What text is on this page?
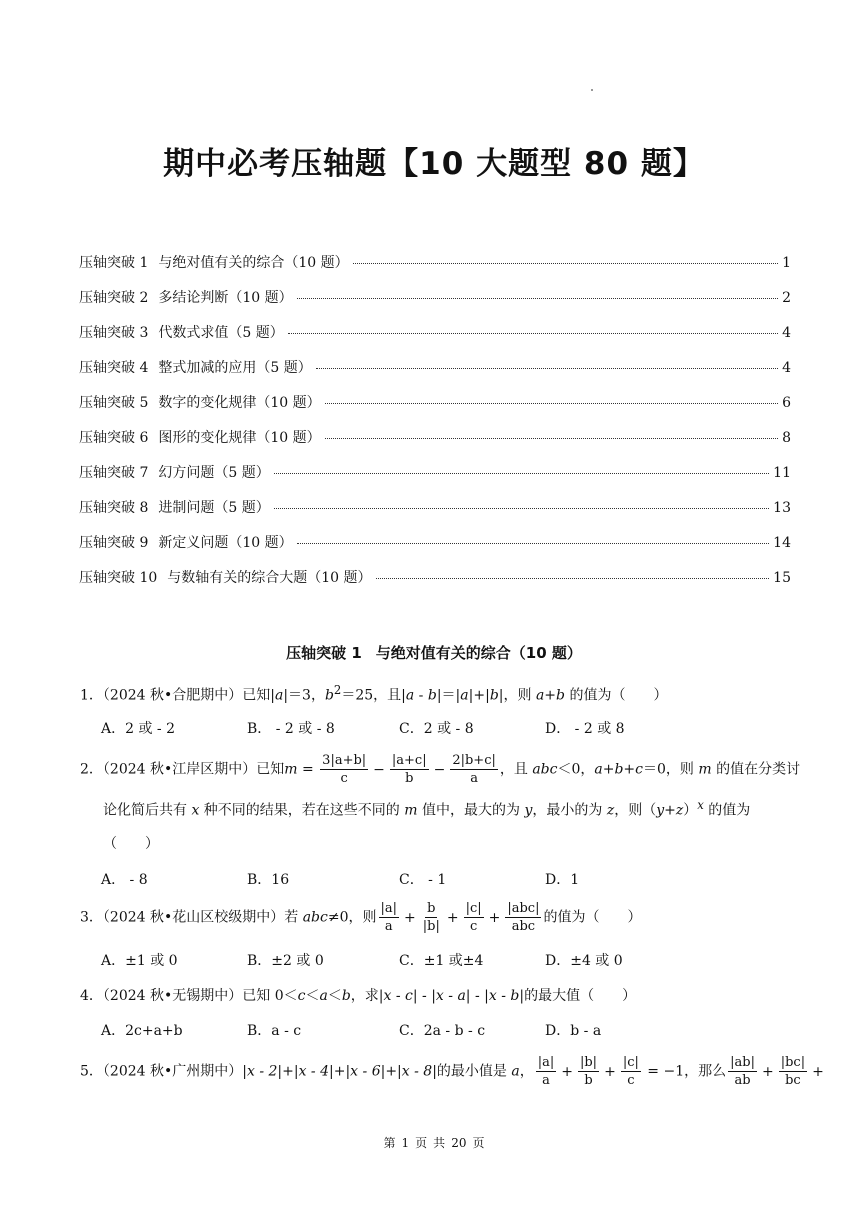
期中必考压轴题【10 大题型 80 题】
压轴突破 1 与绝对值有关的综合（10 题）	1
压轴突破 2 多结论判断（10 题）	2
压轴突破 3 代数式求值（5 题）	4
压轴突破 4 整式加减的应用（5 题）	4
压轴突破 5 数字的变化规律（10 题）	6
压轴突破 6 图形的变化规律（10 题）	8
压轴突破 7 幻方问题（5 题）	11
压轴突破 8 进制问题（5 题）	13
压轴突破 9 新定义问题（10 题）	14
压轴突破 10 与数轴有关的综合大题（10 题）	15
压轴突破 1 与绝对值有关的综合（10 题）
1．（2024 秋•合肥期中）已知|a|＝3，$b^2=25$，且|a - b|＝|a|+|b|，则 a+b 的值为（　　）
A．2 或 - 2	B． - 2 或 - 8	C．2 或 - 8	D． - 2 或 8
2．（2024 秋•江岸区期中）已知$m = \frac{3|a+b|}{c} - \frac{|a+c|}{b} - \frac{2|b+c|}{a}$ ，且 abc＜0，a+b+c＝0，则 m 的值在分类讨
论化简后共有 x 种不同的结果，若在这些不同的 m 值中，最大的为 y，最小的为 z，则$(y+z)^x$ 的值为
（　　）
A． - 8	B．16	C． - 1	D．1
3．（2024 秋•花山区校级期中）若 abc≠0，则 $\frac{|a|}{a} + \frac{b}{|b|} + \frac{|c|}{c} + \frac{\text{|abc|}}{\text{abc}}$ 的值为（　　）
A．±1 或 0	B．±2 或 0	C．±1 或±4	D．±4 或 0
4．（2024 秋•无锡期中）已知 0＜c＜a＜b，求|x - c| - |x - a| - |x - b|的最大值（　　）
A．2c+a+b	B．a - c	C．2a - b - c	D．b - a
5．（2024 秋•广州期中）|x - 2|+|x - 4|+|x - 6|+|x - 8|的最小值是 a， $\frac{|a|}{a} + \frac{|b|}{b} + \frac{|c|}{c} = -1$，那么 $\frac{|ab|}{ab} + \frac{|bc|}{bc}$ +
第 1 页 共 20 页
